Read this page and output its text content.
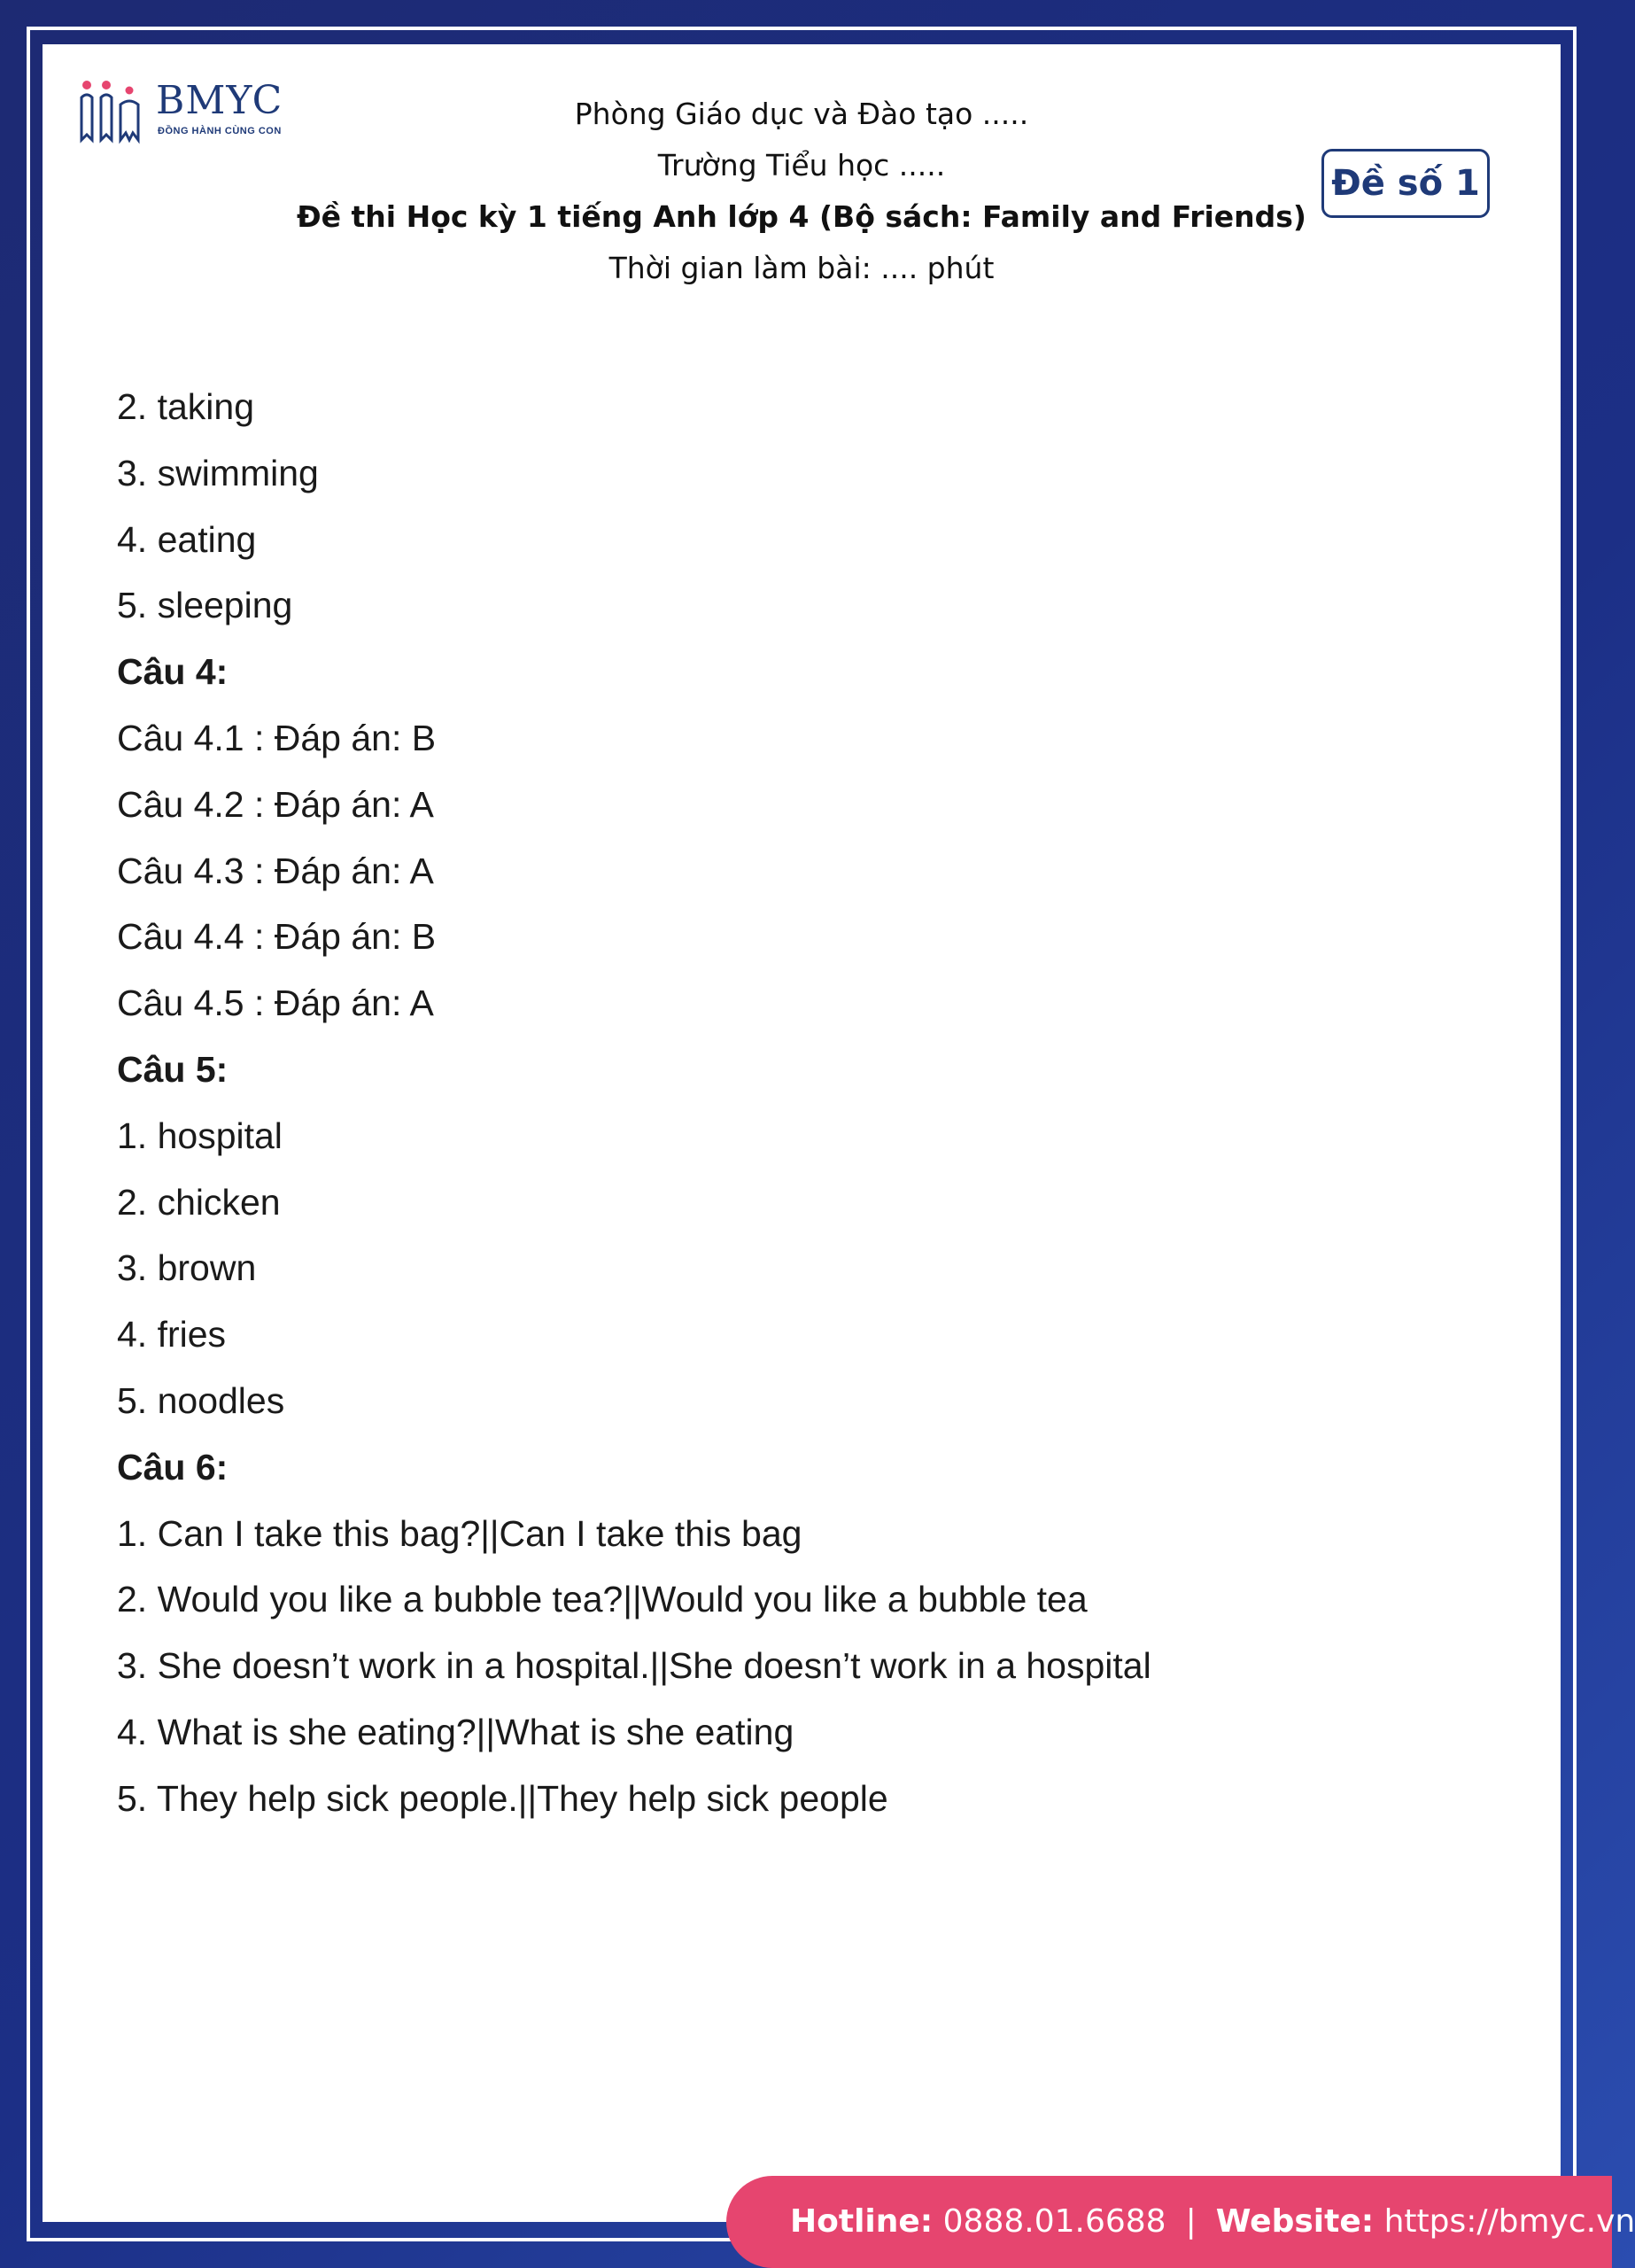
BMYC
ĐỒNG HÀNH CÙNG CON	Phòng Giáo dục và Đào tạo .....
Trường Tiểu học .....
Đề thi Học kỳ 1 tiếng Anh lớp 4 (Bộ sách: Family and Friends)
Thời gian làm bài: .... phút
Đề số 1
2. taking
3. swimming
4. eating
5. sleeping
Câu 4:
Câu 4.1 : Đáp án: B
Câu 4.2 : Đáp án: A
Câu 4.3 : Đáp án: A
Câu 4.4 : Đáp án: B
Câu 4.5 : Đáp án: A
Câu 5:
1. hospital
2. chicken
3. brown
4. fries
5. noodles
Câu 6:
1. Can I take this bag?||Can I take this bag
2. Would you like a bubble tea?||Would you like a bubble tea
3. She doesn’t work in a hospital.||She doesn’t work in a hospital
4. What is she eating?||What is she eating
5. They help sick people.||They help sick people
Hotline: 0888.01.6688 | Website: https://bmyc.vn
